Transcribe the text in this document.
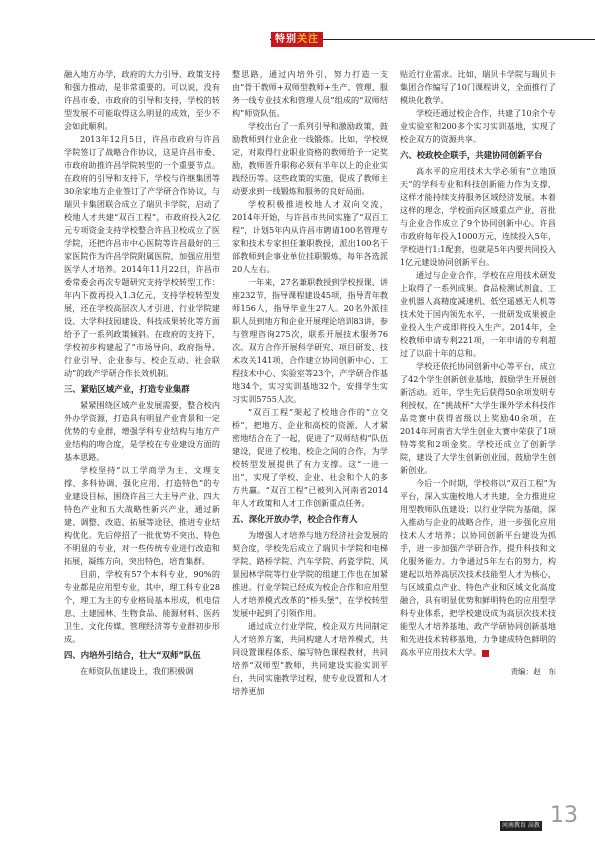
特别关注

融入地方办学，政府的大力引导、政策支持和强力推动，是非常重要的。可以说，没有许昌市委、市政府的引导和支持，学校的转型发展不可能取得这么明显的成效，至少不会如此顺利。

2013年12月5日，许昌市政府与许昌学院签订了战略合作协议，这是许昌市委、市政府助推许昌学院转型的一个重要节点。在政府的引导和支持下，学校与许继集团等30余家地方企业签订了产学研合作协议，与瑞贝卡集团联合成立了瑞贝卡学院，启动了校地人才共建“双百工程”。市政府投入2亿元专项资金支持学校整合许昌卫校成立了医学院，还把许昌市中心医院等许昌最好的三家医院作为许昌学院附属医院，加强应用型医学人才培养。2014年11月22日，许昌市委常委会再次专题研究支持学校转型工作：年内下拨再投入1.3亿元，支持学校转型发展，还在学校高层次人才引进、行业学院建设、大学科技园建设、科技成果转化等方面给予了一系列政策倾斜。在政府的支持下，学校初步构建起了“市场导向、政府指导、行业引导、企业参与、校企互动、社会联动”的政产学研合作长效机制。

三、紧贴区域产业，打造专业集群

紧紧围绕区域产业发展需要，整合校内外办学资源，打造具有明显产业背景和一定优势的专业群，增强学科专业结构与地方产业结构的吻合度，是学校在专业建设方面的基本思路。

学校坚持“以工学商学为主、文理支撑、多科协调、强化应用、打造特色”的专业建设目标，围绕许昌三大主导产业、四大特色产业和五大战略性新兴产业，通过新建、调整、改造、拓展等途径，推进专业结构优化。先后停招了一批优势不突出、特色不明显的专业，对一些传统专业进行改造和拓展，凝练方向，突出特色，培育集群。

目前，学校有57个本科专业，90%的专业都是应用型专业，其中，理工科专业28个，理工为主的专业格局基本形成，机电信息、土建园林、生物食品、能源材料、医药卫生、文化传媒、管理经济等专业群初步形成。

四、内培外引结合，壮大“双师”队伍

在师资队伍建设上，我们积极调

整思路，通过内培外引，努力打造一支由“骨干教师+双师型教师+生产、管理、服务一线专业技术和管理人员”组成的“双师结构”师资队伍。

学校出台了一系列引导和激励政策，鼓励教师到行业企业一线锻炼。比如，学校规定，对取得行业职业资格的教师给予一定奖励，教师晋升职称必须有半年以上的企业实践经历等。这些政策的实施，促成了教师主动要求到一线锻炼和服务的良好局面。

学校积极推进校地人才双向交流，2014年开始，与许昌市共同实施了“双百工程”，计划5年内从许昌市聘请100名管理专家和技术专家担任兼职教授，派出100名干部教师到企事业单位挂职锻炼，每年各选派20人左右。

一年来，27名兼职教授到学校授课、讲座232节，指导课程建设45项，指导青年教师156人，指导毕业生27人。20名外派挂职人员到地方和企业开展理论培训83讲，参与管理咨询275次，联系开展技术服务76次。双方合作开展科学研究、项目研发、技术攻关141项，合作建立协同创新中心、工程技术中心、实验室等23个，产学研合作基地34个，实习实训基地32个，安排学生实习实训5755人次。

“双百工程”架起了校地合作的“立交桥”，把地方、企业和高校的资源、人才紧密地结合在了一起，促进了“双师结构”队伍建设，促进了校地、校企之间的合作，为学校转型发展提供了有力支撑。这“一进一出”，实现了学校、企业、社会和个人的多方共赢。“双百工程”已被列入河南省2014年人才政策和人才工作创新重点任务。

五、深化开放办学，校企合作育人

为增强人才培养与地方经济社会发展的契合度，学校先后成立了瑞贝卡学院和电梯学院、路桥学院、汽车学院、药瓷学院、风景园林学院等行业学院的组建工作也在加紧推进。行业学院已经成为校企合作和应用型人才培养模式改革的“桥头堡”，在学校转型发展中起到了引领作用。

通过成立行业学院，校企双方共同制定人才培养方案，共同构建人才培养模式，共同设置课程体系、编写特色课程教材，共同培养“双师型”教师，共同建设实验实训平台，共同实施教学过程，使专业设置和人才培养更加

贴近行业需求。比如，瑞贝卡学院与瑞贝卡集团合作编写了10门课程讲义，全面推行了模块化教学。

学校还通过校企合作，共建了10余个专业实验室和200多个实习实训基地，实现了校企双方的资源共享。

六、校政校企联手，共建协同创新平台

高水平的应用技术大学必须有“立地顶天”的学科专业和科技创新能力作为支撑，这样才能持续支持服务区域经济发展。本着这样的理念，学校面向区域重点产业，首批与企业合作成立了9个协同创新中心。许昌市政府每年投入1000万元，连续投入5年，学校进行1:1配套，也就是5年内要共同投入1亿元建设协同创新平台。

通过与企业合作，学校在应用技术研发上取得了一系列成果。食品检测试剂盒、工业机器人高精度减速机、低空遥感无人机等技术处于国内领先水平，一批研发成果被企业投入生产或即将投入生产。2014年，全校教师申请专利221项，一年申请的专利超过了以前十年的总和。

学校还依托协同创新中心等平台，成立了42个学生创新创业基地，鼓励学生开展创新活动。近年，学生先后获得50余项发明专利授权，在“挑战杯”大学生课外学术科技作品竞赛中获得省级以上奖励40余项，在2014年河南省大学生创业大赛中荣获了1项特等奖和2项金奖。学校还成立了创新学院，建设了大学生创新创业园，鼓励学生创新创业。

今后一个时期，学校将以“双百工程”为平台，深入实施校地人才共建，全力推进应用型教师队伍建设；以行业学院为基础，深入推动与企业的战略合作，进一步强化应用技术人才培养；以协同创新平台建设为抓手，进一步加强产学研合作，提升科技和文化服务能力。力争通过5年左右的努力，构建起以培养高层次技术技能型人才为核心，与区域重点产业、特色产业和区域文化高度融合，具有明显优势和鲜明特色的应用型学科专业体系，把学校建设成为高层次技术技能型人才培养基地、政产学研协同创新基地和先进技术转移基地，力争建成特色鲜明的高水平应用技术大学。

责编：赵　东
河南教育 高教 13
